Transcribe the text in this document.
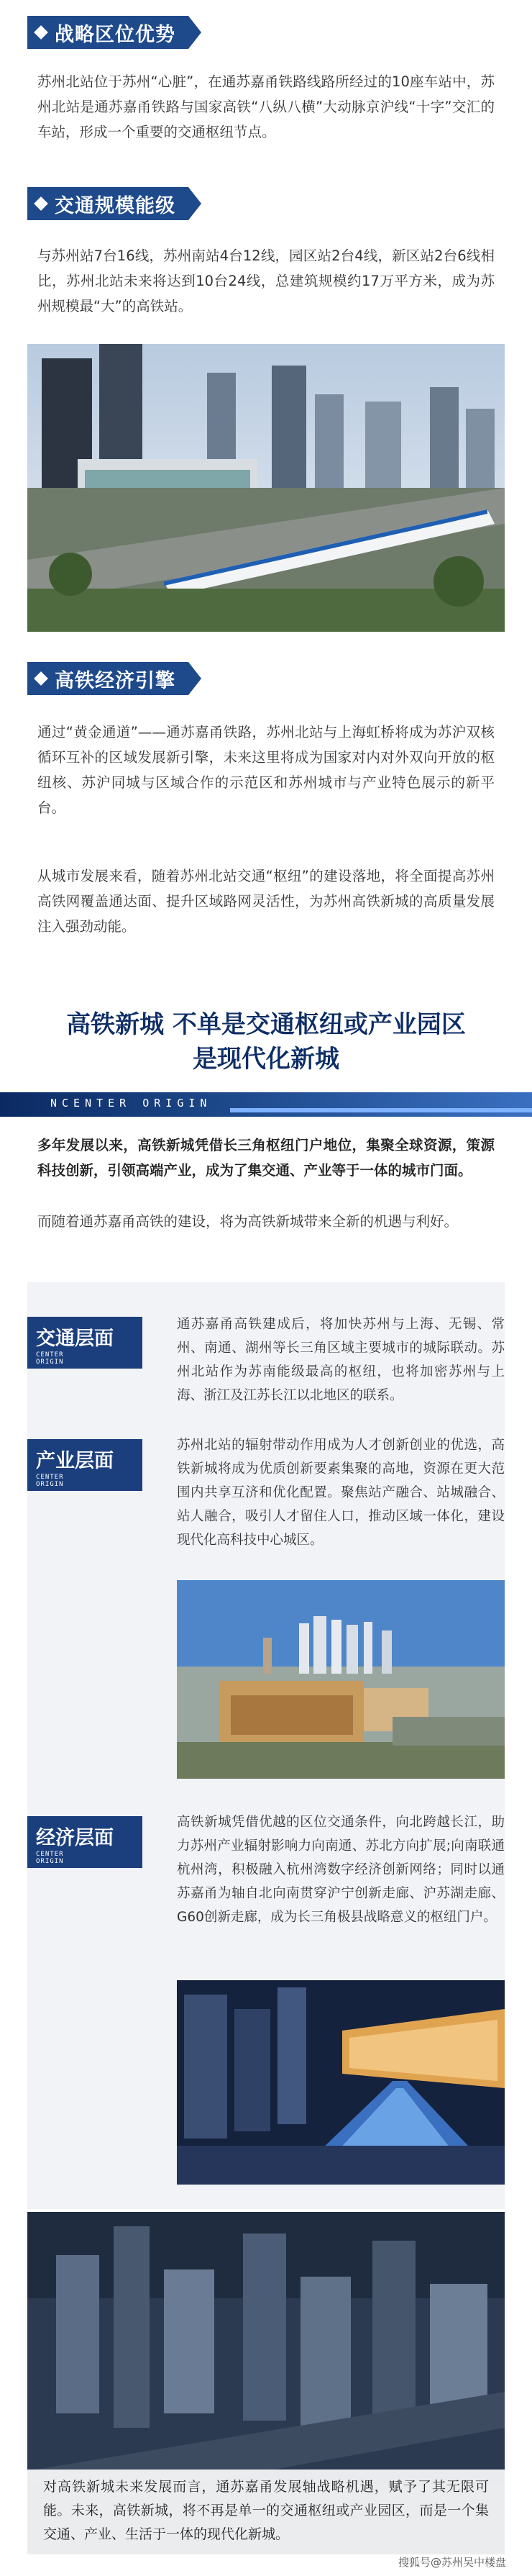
战略区位优势

苏州北站位于苏州“心脏”，在通苏嘉甬铁路线路所经过的10座车站中，苏州北站是通苏嘉甬铁路与国家高铁“八纵八横”大动脉京沪线“十字”交汇的车站，形成一个重要的交通枢纽节点。

交通规模能级

与苏州站7台16线，苏州南站4台12线，园区站2台4线，新区站2台6线相比，苏州北站未来将达到10台24线，总建筑规模约17万平方米，成为苏州规模最“大”的高铁站。

高铁经济引擎

通过“黄金通道”——通苏嘉甬铁路，苏州北站与上海虹桥将成为苏沪双核循环互补的区域发展新引擎，未来这里将成为国家对内对外双向开放的枢纽核、苏沪同城与区域合作的示范区和苏州城市与产业特色展示的新平台。

从城市发展来看，随着苏州北站交通“枢纽”的建设落地，将全面提高苏州高铁网覆盖通达面、提升区域路网灵活性，为苏州高铁新城的高质量发展注入强劲动能。

高铁新城 不单是交通枢纽或产业园区
是现代化新城
NCENTER ORIGIN

多年发展以来，高铁新城凭借长三角枢纽门户地位，集聚全球资源，策源科技创新，引领高端产业，成为了集交通、产业等于一体的城市门面。

而随着通苏嘉甬高铁的建设，将为高铁新城带来全新的机遇与利好。

交通层面
CENTER
ORIGIN

通苏嘉甬高铁建成后，将加快苏州与上海、无锡、常州、南通、湖州等长三角区域主要城市的城际联动。苏州北站作为苏南能级最高的枢纽，也将加密苏州与上海、浙江及江苏长江以北地区的联系。

产业层面
CENTER
ORIGIN

苏州北站的辐射带动作用成为人才创新创业的优选，高铁新城将成为优质创新要素集聚的高地，资源在更大范围内共享互济和优化配置。聚焦站产融合、站城融合、站人融合，吸引人才留住人口，推动区域一体化，建设现代化高科技中心城区。

经济层面
CENTER
ORIGIN

高铁新城凭借优越的区位交通条件，向北跨越长江，助力苏州产业辐射影响力向南通、苏北方向扩展;向南联通杭州湾，积极融入杭州湾数字经济创新网络；同时以通苏嘉甬为轴自北向南贯穿沪宁创新走廊、沪苏湖走廊、G60创新走廊，成为长三角极县战略意义的枢纽门户。

对高铁新城未来发展而言，通苏嘉甬发展轴战略机遇，赋予了其无限可能。未来，高铁新城，将不再是单一的交通枢纽或产业园区，而是一个集交通、产业、生活于一体的现代化新城。

搜狐号@苏州吴中楼盘
